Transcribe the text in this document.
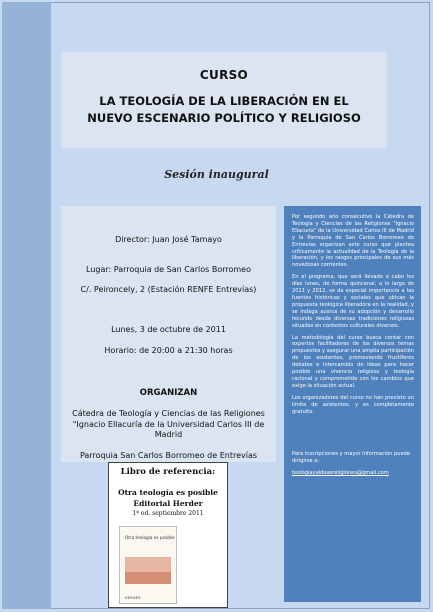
CURSO
LA TEOLOGÍA DE LA LIBERACIÓN EN EL
NUEVO ESCENARIO POLÍTICO Y RELIGIOSO
Sesión inaugural

Director: Juan José Tamayo

Lugar: Parroquia de San Carlos Borromeo

C/. Peironcely, 2 (Estación RENFE Entrevías)

Lunes, 3 de octubre de 2011

Horario: de 20:00 a 21:30 horas

ORGANIZAN

Cátedra de Teología y Ciencias de las Religiones "Ignacio Ellacuría de la Universidad Carlos III de Madrid

Parroquia San Carlos Borromeo de Entrevías

Por segundo año consecutivo la Cátedra de Teología y Ciencias de las Religiones "Ignacio Ellacuría" de la Universidad Carlos III de Madrid y la Parroquia de San Carlos Borromeo de Entrevías organizan este curso que plantea críticamente la actualidad de la Teología de la liberación, y los rasgos principales de sus más novedosas corrientes.

En el programa, que será llevado a cabo los días lunes, de forma quincenal, a lo largo de 2011 y 2012, se da especial importancia a las fuentes históricas y sociales que ubican la propuesta teológica liberadora en la realidad, y se indaga acerca de su adopción y desarrollo fecundo desde diversas tradiciones religiosas situadas en contextos culturales diversos.

La metodología del curso busca contar con expertos facilitadores de los diversos temas propuestos y asegurar una amplia participación de los asistentes, promoviendo fructíferos debates e intercambio de ideas para hacer posible una vivencia religiosa y teología racional y comprometida con los cambios que exige la situación actual.

Los organizadores del curso no han previsto un límite de asistentes, y es completamente gratuito.

Para inscripciones y mayor información puede dirigirse a:

teologiayaldeasreligiones@gmail.com
Libro de referencia:
Otra teología es posible
Editorial Herder
1ª ed. septiembre 2011
Otra teología es posible
HERDER
